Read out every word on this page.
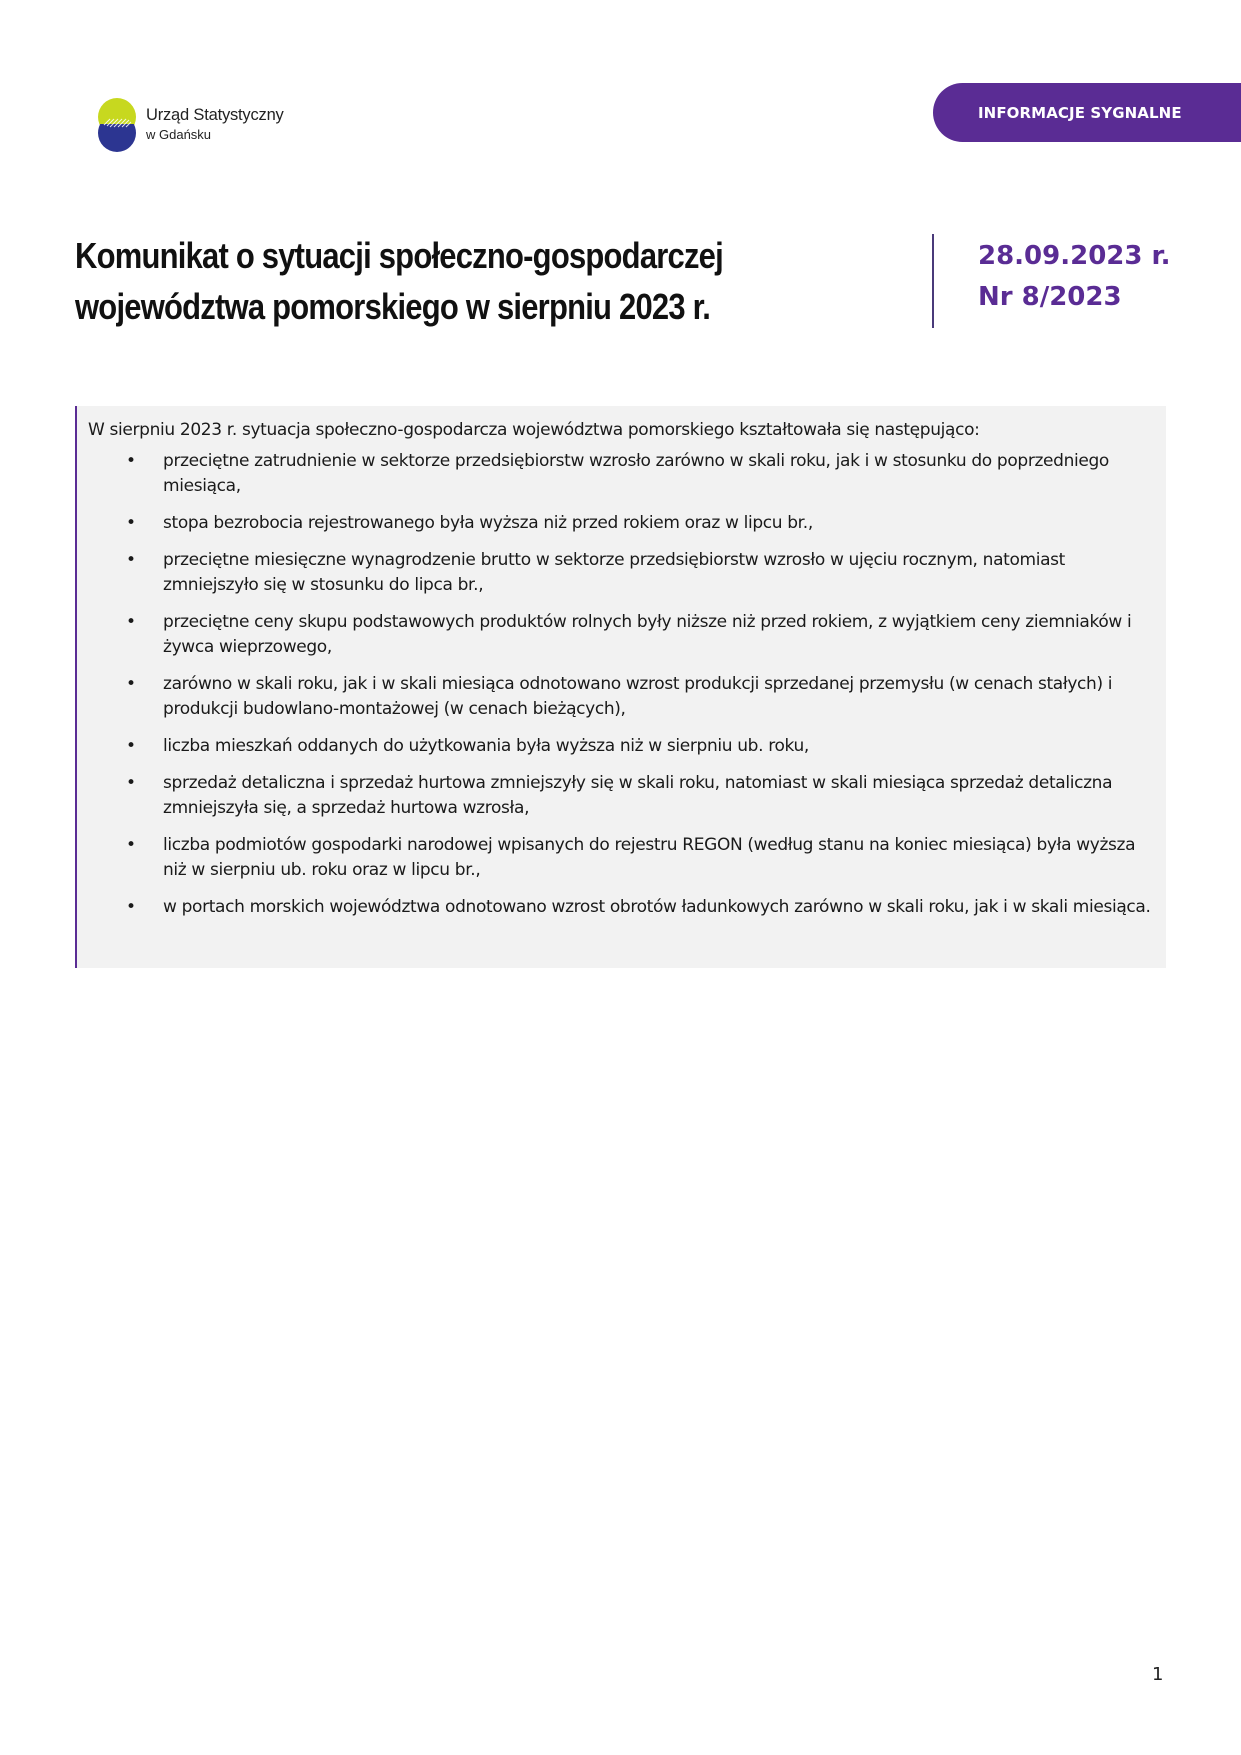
Urząd Statystyczny
w Gdańsku
INFORMACJE SYGNALNE
Komunikat o sytuacji społeczno-gospodarczej
województwa pomorskiego w sierpniu 2023 r.
28.09.2023 r.
Nr 8/2023

W sierpniu 2023 r. sytuacja społeczno-gospodarcza województwa pomorskiego kształtowała się następująco:

• przeciętne zatrudnienie w sektorze przedsiębiorstw wzrosło zarówno w skali roku, jak i w stosunku do poprzedniego miesiąca,
• stopa bezrobocia rejestrowanego była wyższa niż przed rokiem oraz w lipcu br.,
• przeciętne miesięczne wynagrodzenie brutto w sektorze przedsiębiorstw wzrosło w ujęciu rocznym, natomiast zmniejszyło się w stosunku do lipca br.,
• przeciętne ceny skupu podstawowych produktów rolnych były niższe niż przed rokiem, z wyjątkiem ceny ziemniaków i żywca wieprzowego,
• zarówno w skali roku, jak i w skali miesiąca odnotowano wzrost produkcji sprzedanej przemysłu (w cenach stałych) i produkcji budowlano-montażowej (w cenach bieżących),
• liczba mieszkań oddanych do użytkowania była wyższa niż w sierpniu ub. roku,
• sprzedaż detaliczna i sprzedaż hurtowa zmniejszyły się w skali roku, natomiast w skali miesiąca sprzedaż detaliczna zmniejszyła się, a sprzedaż hurtowa wzrosła,
• liczba podmiotów gospodarki narodowej wpisanych do rejestru REGON (według stanu na koniec miesiąca) była wyższa niż w sierpniu ub. roku oraz w lipcu br.,
• w portach morskich województwa odnotowano wzrost obrotów ładunkowych zarówno w skali roku, jak i w skali miesiąca.
1
